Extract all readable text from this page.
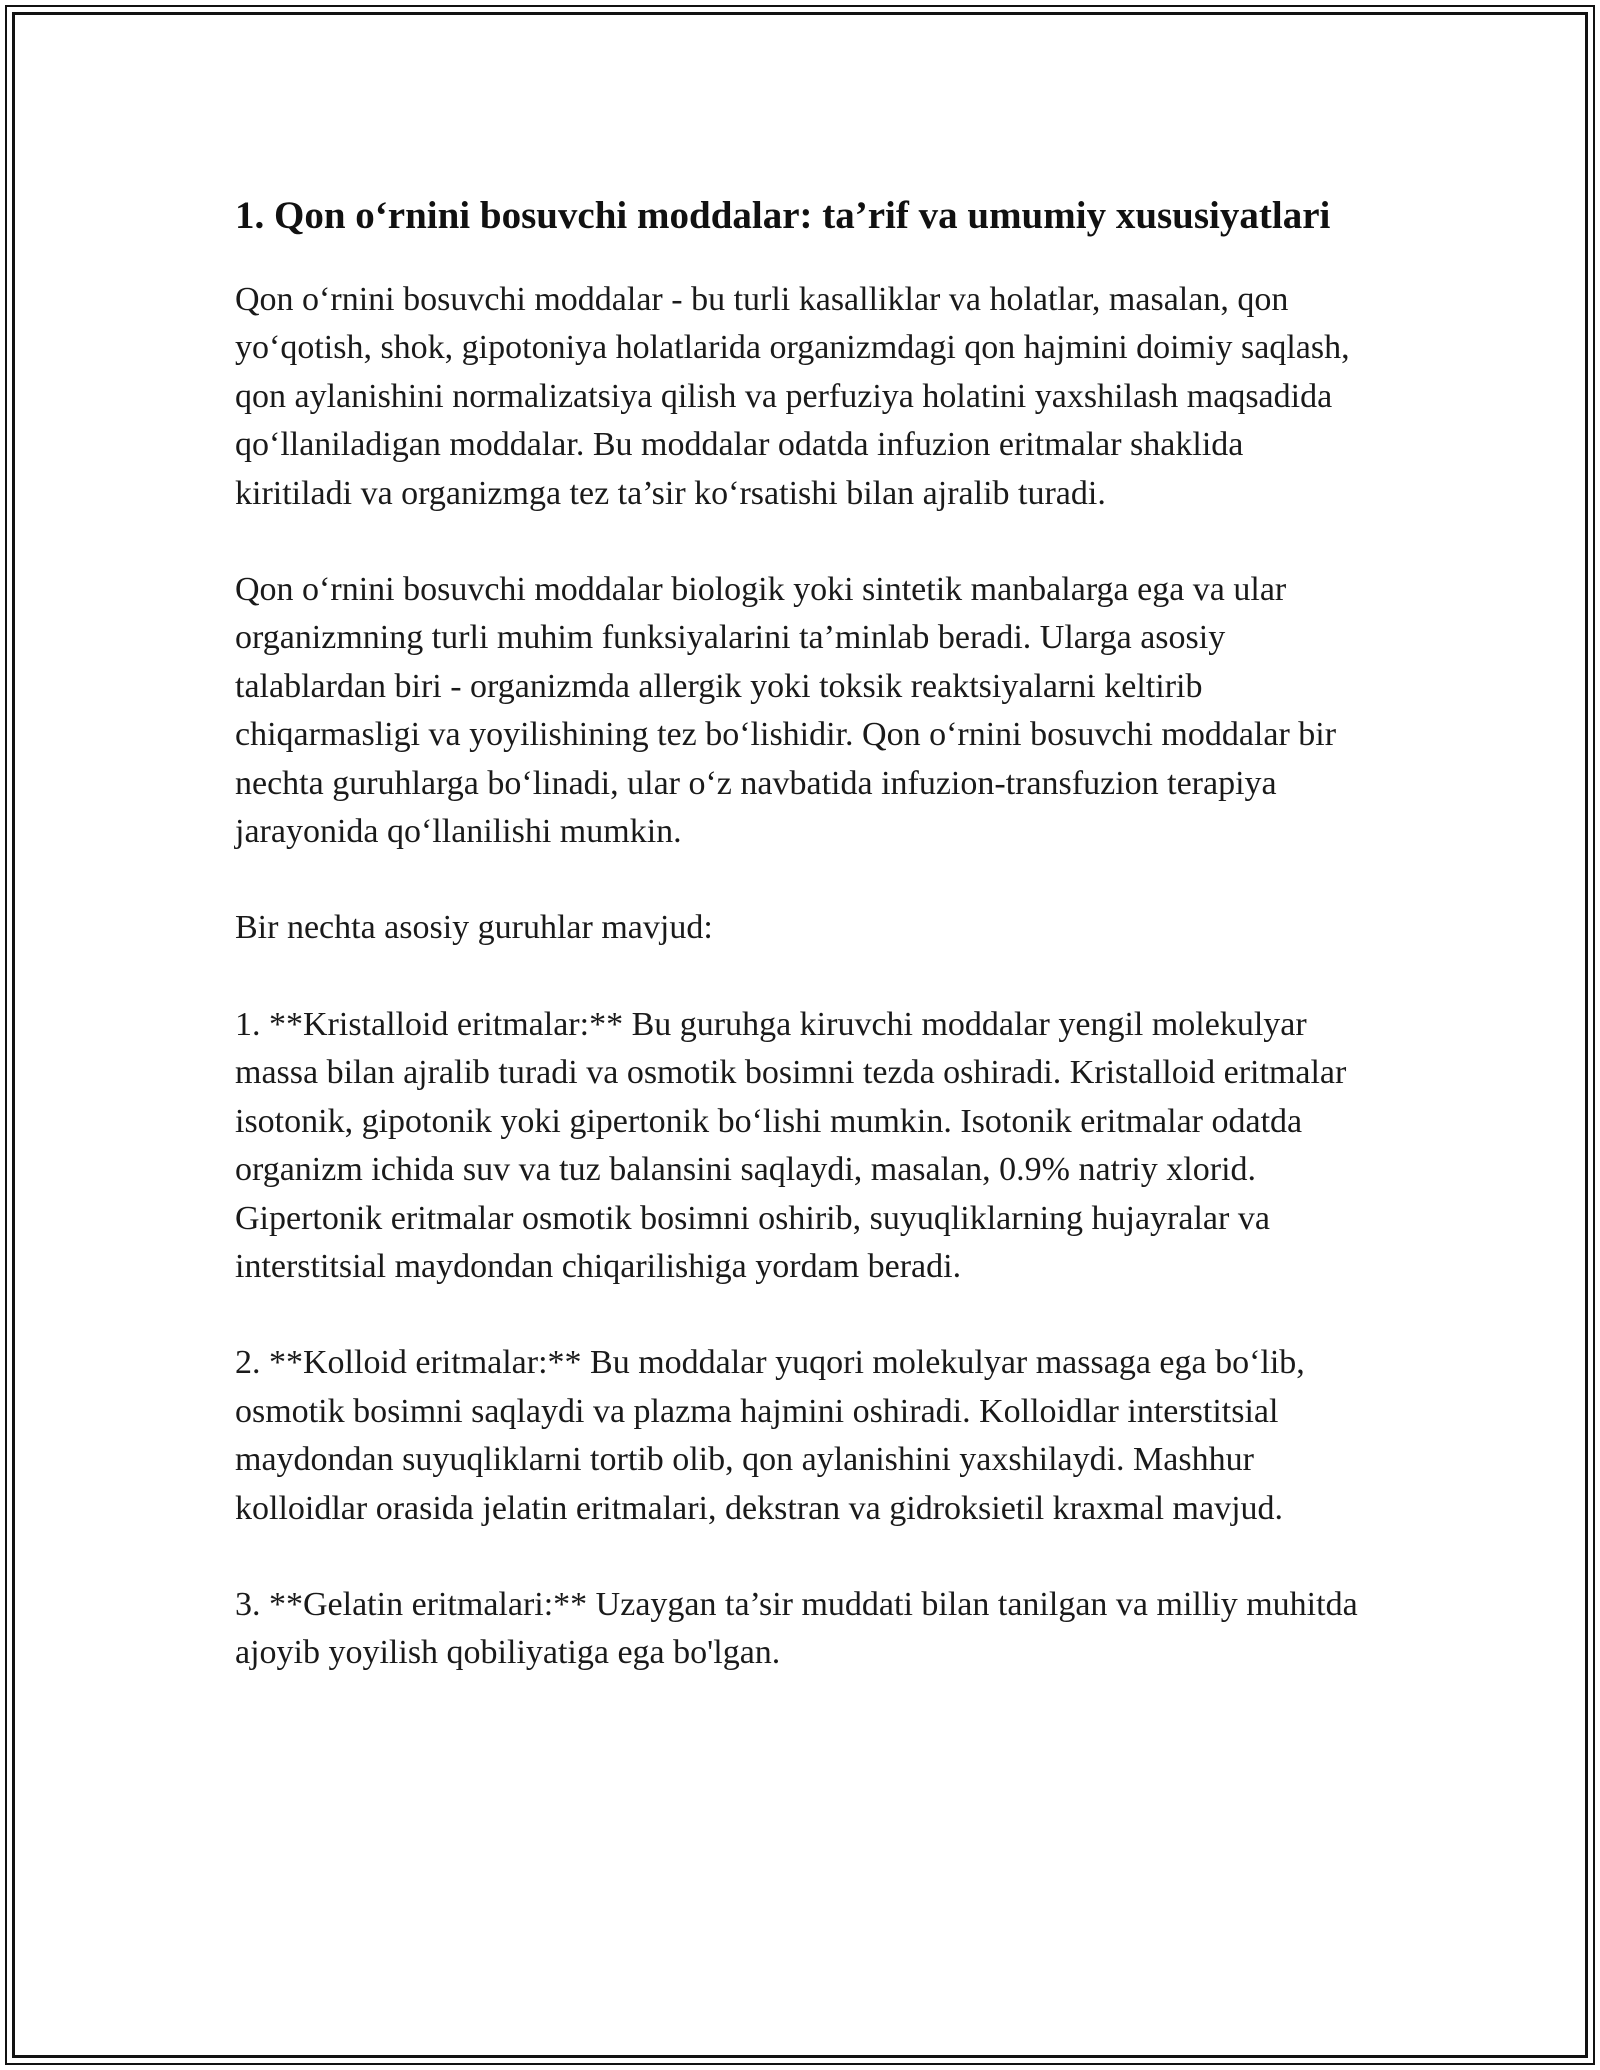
1. Qon o‘rnini bosuvchi moddalar: ta’rif va umumiy xususiyatlari

Qon o‘rnini bosuvchi moddalar - bu turli kasalliklar va holatlar, masalan, qon yo‘qotish, shok, gipotoniya holatlarida organizmdagi qon hajmini doimiy saqlash, qon aylanishini normalizatsiya qilish va perfuziya holatini yaxshilash maqsadida qo‘llaniladigan moddalar. Bu moddalar odatda infuzion eritmalar shaklida kiritiladi va organizmga tez ta’sir ko‘rsatishi bilan ajralib turadi.

Qon o‘rnini bosuvchi moddalar biologik yoki sintetik manbalarga ega va ular organizmning turli muhim funksiyalarini ta’minlab beradi. Ularga asosiy talablardan biri - organizmda allergik yoki toksik reaktsiyalarni keltirib chiqarmasligi va yoyilishining tez bo‘lishidir. Qon o‘rnini bosuvchi moddalar bir nechta guruhlarga bo‘linadi, ular o‘z navbatida infuzion-transfuzion terapiya jarayonida qo‘llanilishi mumkin.

Bir nechta asosiy guruhlar mavjud:

1. **Kristalloid eritmalar:** Bu guruhga kiruvchi moddalar yengil molekulyar massa bilan ajralib turadi va osmotik bosimni tezda oshiradi. Kristalloid eritmalar isotonik, gipotonik yoki gipertonik bo‘lishi mumkin. Isotonik eritmalar odatda organizm ichida suv va tuz balansini saqlaydi, masalan, 0.9% natriy xlorid. Gipertonik eritmalar osmotik bosimni oshirib, suyuqliklarning hujayralar va interstitsial maydondan chiqarilishiga yordam beradi.

2. **Kolloid eritmalar:** Bu moddalar yuqori molekulyar massaga ega bo‘lib, osmotik bosimni saqlaydi va plazma hajmini oshiradi. Kolloidlar interstitsial maydondan suyuqliklarni tortib olib, qon aylanishini yaxshilaydi. Mashhur kolloidlar orasida jelatin eritmalari, dekstran va gidroksietil kraxmal mavjud.

3. **Gelatin eritmalari:** Uzaygan ta’sir muddati bilan tanilgan va milliy muhitda ajoyib yoyilish qobiliyatiga ega bo'lgan.
